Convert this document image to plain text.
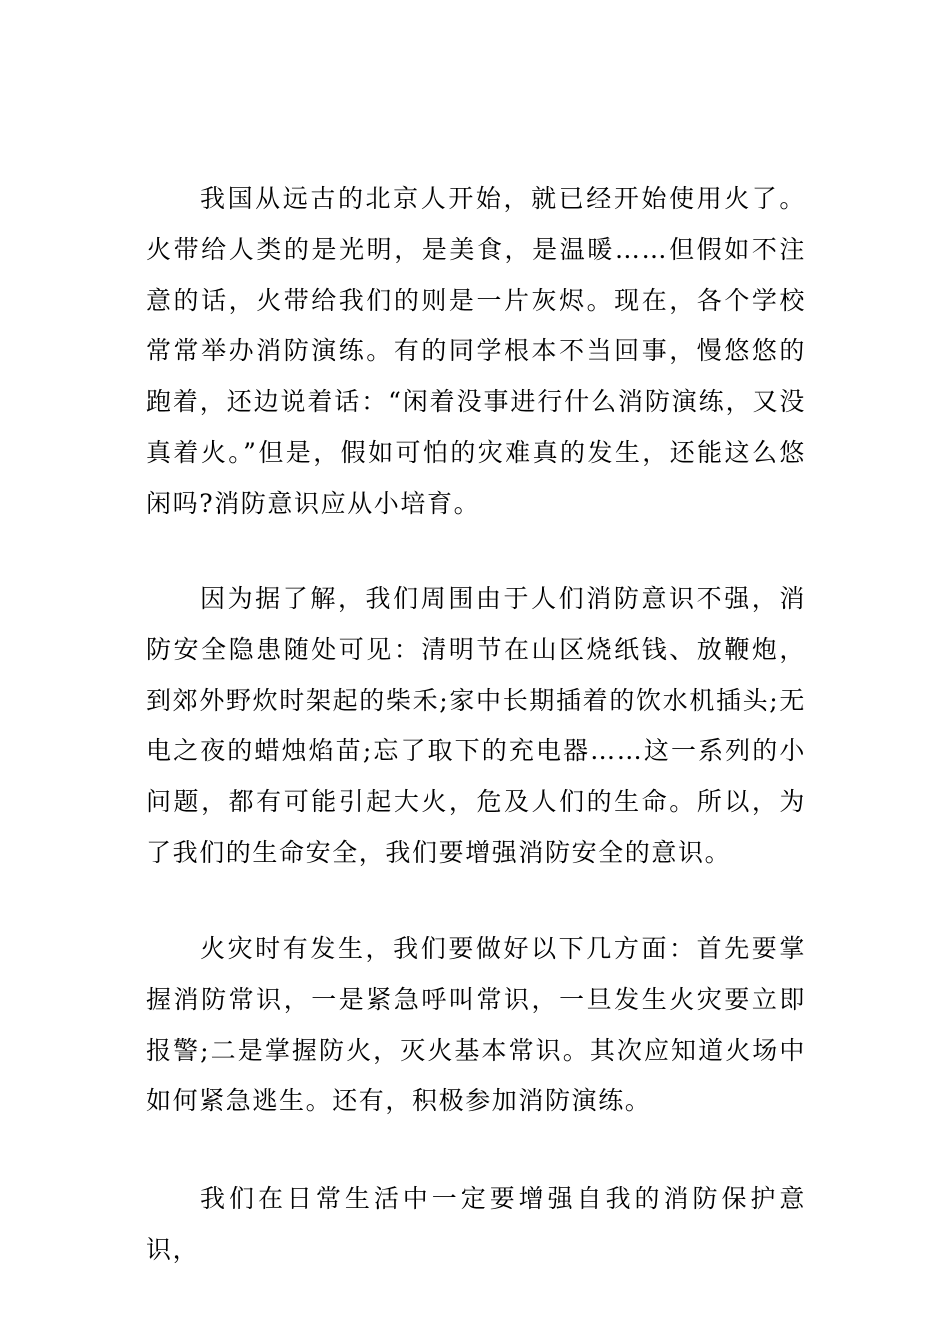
我国从远古的北京人开始，就已经开始使用火了。火带给人类的是光明，是美食，是温暖……但假如不注意的话，火带给我们的则是一片灰烬。现在，各个学校常常举办消防演练。有的同学根本不当回事，慢悠悠的跑着，还边说着话：“闲着没事进行什么消防演练，又没真着火。”但是，假如可怕的灾难真的发生，还能这么悠闲吗?消防意识应从小培育。

因为据了解，我们周围由于人们消防意识不强，消防安全隐患随处可见：清明节在山区烧纸钱、放鞭炮，到郊外野炊时架起的柴禾;家中长期插着的饮水机插头;无电之夜的蜡烛焰苗;忘了取下的充电器……这一系列的小问题，都有可能引起大火，危及人们的生命。所以，为了我们的生命安全，我们要增强消防安全的意识。

火灾时有发生，我们要做好以下几方面：首先要掌握消防常识，一是紧急呼叫常识，一旦发生火灾要立即报警;二是掌握防火，灭火基本常识。其次应知道火场中如何紧急逃生。还有，积极参加消防演练。

我们在日常生活中一定要增强自我的消防保护意识，
